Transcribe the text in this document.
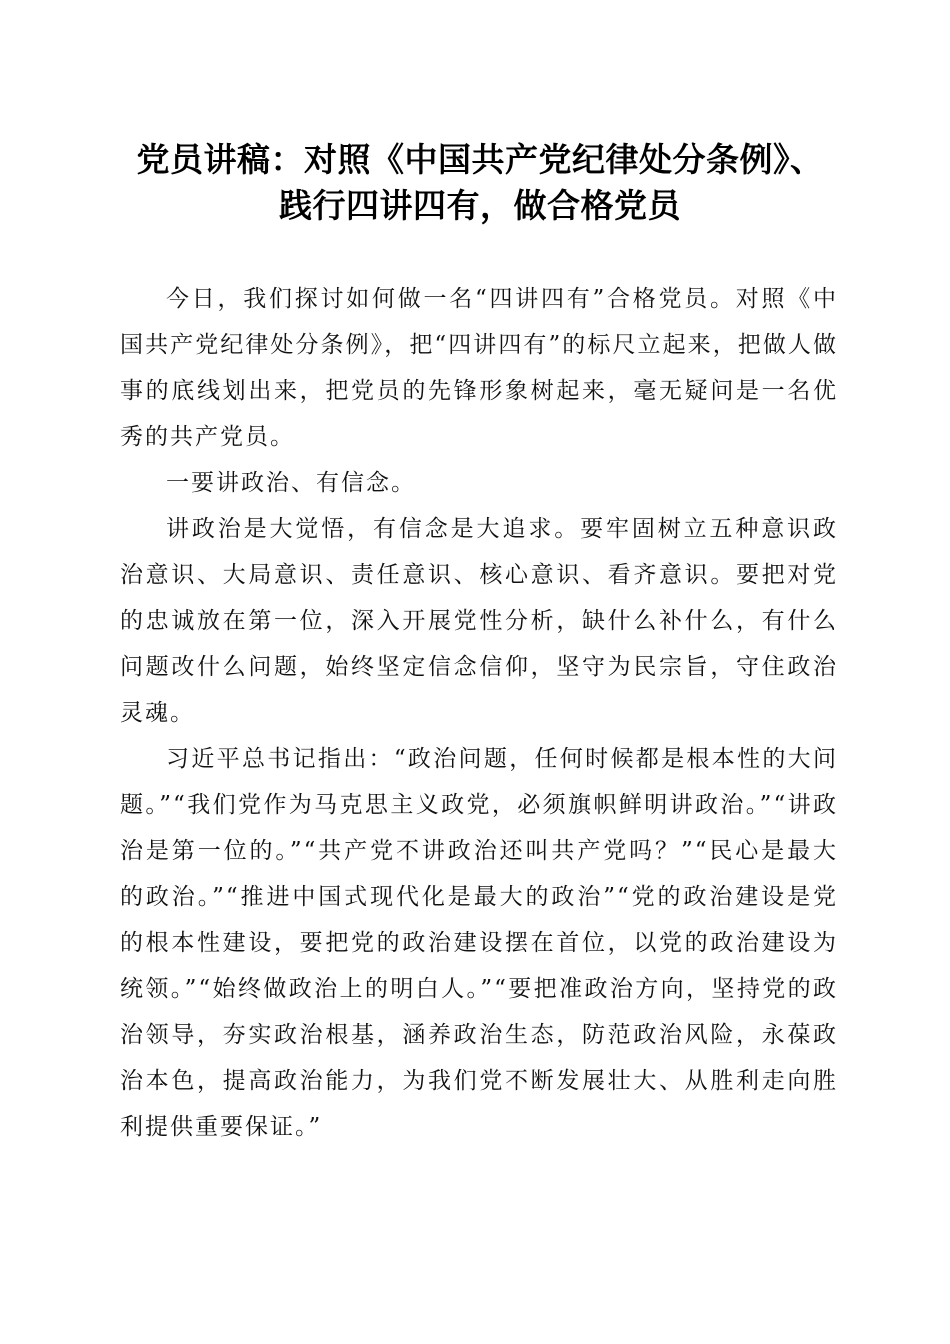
党员讲稿：对照《中国共产党纪律处分条例》、
践行四讲四有，做合格党员

今日，我们探讨如何做一名“四讲四有”合格党员。对照《中国共产党纪律处分条例》，把“四讲四有”的标尺立起来，把做人做事的底线划出来，把党员的先锋形象树起来，毫无疑问是一名优秀的共产党员。

一要讲政治、有信念。

讲政治是大觉悟，有信念是大追求。要牢固树立五种意识政治意识、大局意识、责任意识、核心意识、看齐意识。要把对党的忠诚放在第一位，深入开展党性分析，缺什么补什么，有什么问题改什么问题，始终坚定信念信仰，坚守为民宗旨，守住政治灵魂。

习近平总书记指出：“政治问题，任何时候都是根本性的大问题。”“我们党作为马克思主义政党，必须旗帜鲜明讲政治。”“讲政治是第一位的。”“共产党不讲政治还叫共产党吗？”“民心是最大的政治。”“推进中国式现代化是最大的政治”“党的政治建设是党的根本性建设，要把党的政治建设摆在首位，以党的政治建设为统领。”“始终做政治上的明白人。”“要把准政治方向，坚持党的政治领导，夯实政治根基，涵养政治生态，防范政治风险，永葆政治本色，提高政治能力，为我们党不断发展壮大、从胜利走向胜利提供重要保证。”
